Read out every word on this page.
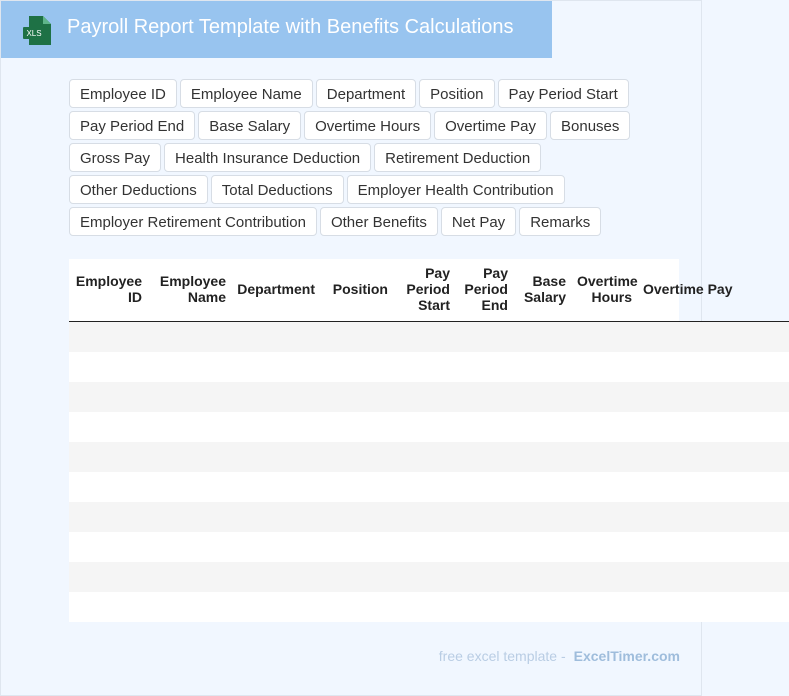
XLS Payroll Report Template with Benefits Calculations
Employee ID	Employee Name	Department	Position	Pay Period Start
Pay Period End	Base Salary	Overtime Hours	Overtime Pay	Bonuses
Gross Pay	Health Insurance Deduction	Retirement Deduction
Other Deductions	Total Deductions	Employer Health Contribution
Employer Retirement Contribution	Other Benefits	Net Pay	Remarks
Employee ID	Employee Name	Department	Position	Pay Period Start	Pay Period End	Base Salary	Overtime Hours	Overtime Pay

free excel template - ExcelTimer.com
